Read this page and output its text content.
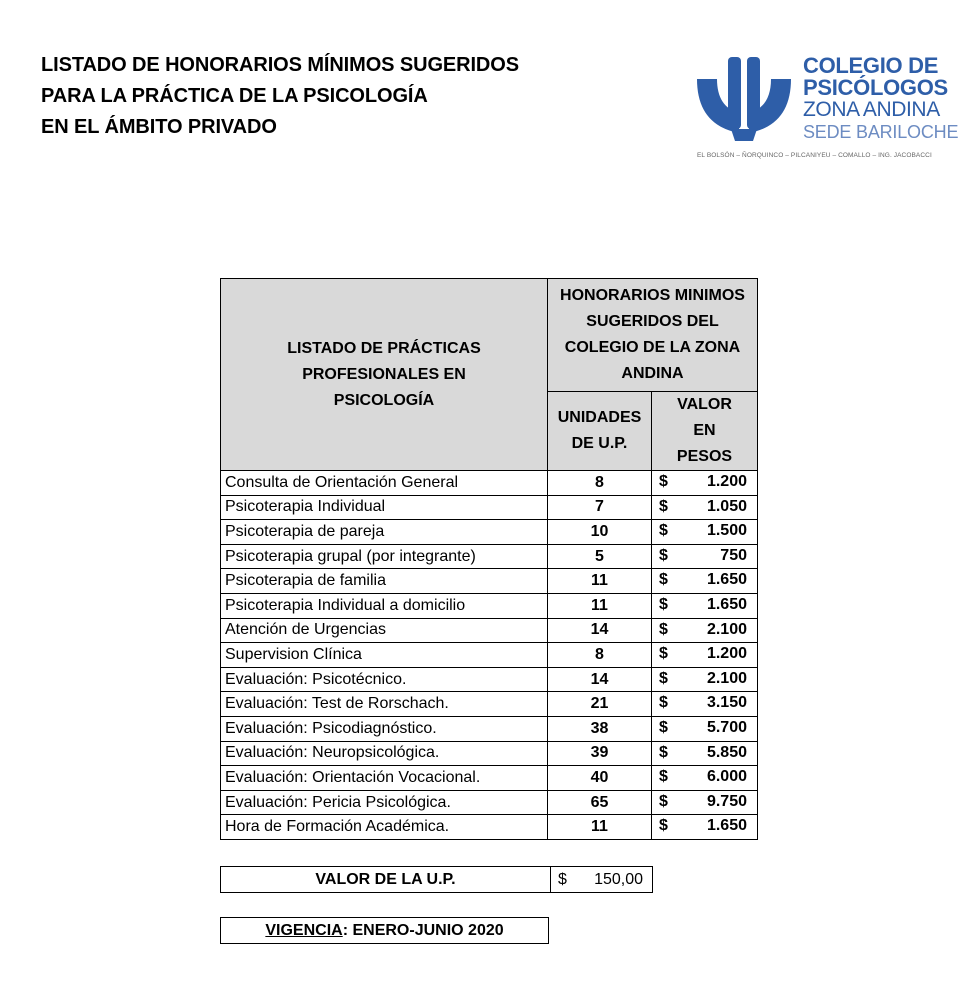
LISTADO DE HONORARIOS MÍNIMOS SUGERIDOS
PARA LA PRÁCTICA DE LA PSICOLOGÍA
EN EL ÁMBITO PRIVADO
COLEGIO DE
PSICÓLOGOS
ZONA ANDINA
SEDE BARILOCHE
EL BOLSÓN – ÑORQUINCO – PILCANIYEU – COMALLO – ING. JACOBACCI
LISTADO DE PRÁCTICAS PROFESIONALES EN PSICOLOGÍA	HONORARIOS MINIMOS SUGERIDOS DEL COLEGIO DE LA ZONA ANDINA	

	UNIDADES DE U.P.	VALOR EN PESOS

Consulta de Orientación General	8	$ 1.200

Psicoterapia Individual	7	$ 1.050

Psicoterapia de pareja	10	$ 1.500

Psicoterapia grupal (por integrante)	5	$ 750

Psicoterapia de familia	11	$ 1.650

Psicoterapia Individual a domicilio	11	$ 1.650

Atención de Urgencias	14	$ 2.100

Supervision Clínica	8	$ 1.200

Evaluación: Psicotécnico.	14	$ 2.100

Evaluación: Test de Rorschach.	21	$ 3.150

Evaluación: Psicodiagnóstico.	38	$ 5.700

Evaluación: Neuropsicológica.	39	$ 5.850

Evaluación: Orientación Vocacional.	40	$ 6.000

Evaluación: Pericia Psicológica.	65	$ 9.750

Hora de Formación Académica.	11	$ 1.650
VALOR DE LA U.P.	$ 150,00
VIGENCIA: ENERO-JUNIO 2020
